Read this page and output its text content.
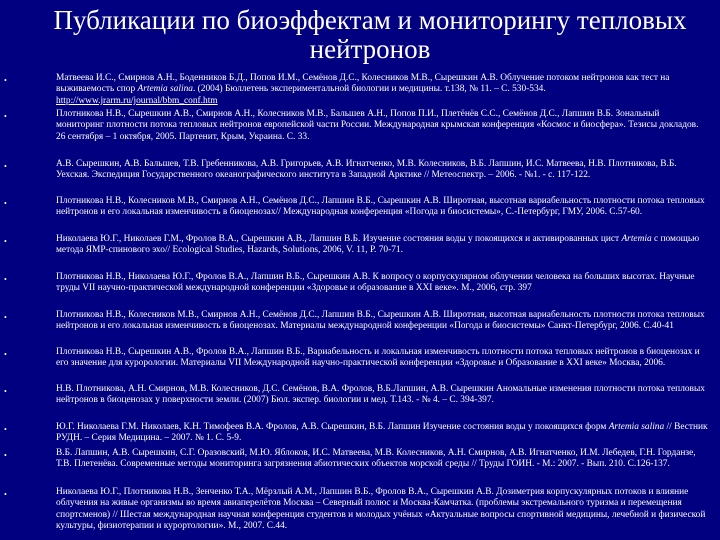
Публикации по биоэффектам и мониторингу тепловых нейтронов
•	Матвеева И.С., Смирнов А.Н., Боденников Б.Д., Попов И.М., Семёнов Д.С., Колесников М.В., Сырешкин А.В. Облучение потоком нейтронов как тест на выживаемость спор Artemia salina. (2004) Бюллетень экспериментальной биологии и медицины. т.138, № 11. – С. 530-534. http://www.jrarm.ru/journal/bbm_conf.htm
•	Плотникова Н.В., Сырешкин А.В., Смирнов А.Н., Колесников М.В., Бальшев А.Н., Попов П.И., Плетёнёв С.С., Семёнов Д.С., Лапшин В.Б. Зональный мониторинг плотности потока тепловых нейтронов европейской части России. Международная крымская конференция «Космос и биосфера». Тезисы докладов. 26 сентября – 1 октября, 2005. Партенит, Крым, Украина. С. 33.
•	А.В. Сырешкин, А.В. Бальшев, Т.В. Гребенникова, А.В. Григорьев, А.В. Игнатченко, М.В. Колесников, В.Б. Лапшин, И.С. Матвеева, Н.В. Плотникова, В.Б. Уехская. Экспедиция Государственного океанографического института в Западной Арктике // Метеоспектр. – 2006. - №1. - с. 117-122.
•	Плотникова Н.В., Колесников М.В., Смирнов А.Н., Семёнов Д.С., Лапшин В.Б., Сырешкин А.В. Широтная, высотная вариабельность плотности потока тепловых нейтронов и его локальная изменчивость в биоценозах// Международная конференция «Погода и биосистемы», С.-Петербург, ГМУ, 2006. С.57-60.
•	Николаева Ю.Г., Николаев Г.М., Фролов В.А., Сырешкин А.В., Лапшин В.Б. Изучение состояния воды у покоящихся и активированных цист Artemia с помощью метода ЯМР-спинового эхо// Ecological Studies, Hazards, Solutions, 2006, V. 11, Р. 70-71.
•	Плотникова Н.В., Николаева Ю.Г., Фролов В.А., Лапшин В.Б., Сырешкин А.В. К вопросу о корпускулярном облучении человека на больших высотах. Научные труды VII научно-практической международной конференции «Здоровье и образование в XXI веке». М., 2006, стр. 397
•	Плотникова Н.В., Колесников М.В., Смирнов А.Н., Семёнов Д.С., Лапшин В.Б., Сырешкин А.В. Широтная, высотная вариабельность плотности потока тепловых нейтронов и его локальная изменчивость в биоценозах. Материалы международной конференции «Погода и биосистемы» Санкт-Петербург, 2006. С.40-41
•	Плотникова Н.В., Сырешкин А.В., Фролов В.А., Лапшин В.Б., Вариабельность и локальная изменчивость плотности потока тепловых нейтронов в биоценозах и его значение для курорологии. Материалы VII Международной научно-практической конференции «Здоровье и Образование в XXI веке» Москва, 2006.
•	Н.В. Плотникова, А.Н. Смирнов, М.В. Колесников, Д.С. Семёнов, В.А. Фролов, В.Б.Лапшин, А.В. Сырешкин Аномальные изменения плотности потока тепловых нейтронов в биоценозах у поверхности земли. (2007) Бюл. экспер. биологии и мед. Т.143. - № 4. – С. 394-397.
•	Ю.Г. Николаева Г.М. Николаев, К.Н. Тимофеев В.А. Фролов, А.В. Сырешкин, В.Б. Лапшин Изучение состояния воды у покоящихся форм Artemia salina // Вестник РУДН. – Серия Медицина. – 2007. № 1. С. 5-9.
•	В.Б. Лапшин, А.В. Сырешкин, С.Г. Оразовский, М.Ю. Яблоков, И.С. Матвеева, М.В. Колесников, А.Н. Смирнов, А.В. Игнатченко, И.М. Лебедев, Г.Н. Горданзе, Т.В. Плетенёва. Современные методы мониторинга загрязнения абиотических объектов морской среды // Труды ГОИН. - М.: 2007. - Вып. 210. С.126-137.
•	Николаева Ю.Г., Плотникова Н.В., Зенченко Т.А., Мёрзлый А.М., Лапшин В.Б., Фролов В.А., Сырешкин А.В. Дозиметрия корпускулярных потоков и влияние облучения на живые организмы во время авиаперелётов Москва – Северный полюс и Москва-Камчатка. (проблемы экстремального туризма и перемещения спортсменов) // Шестая международная научная конференция студентов и молодых учёных «Актуальные вопросы спортивной медицины, лечебной и физической культуры, физиотерапии и курортологии». М., 2007. С.44.
